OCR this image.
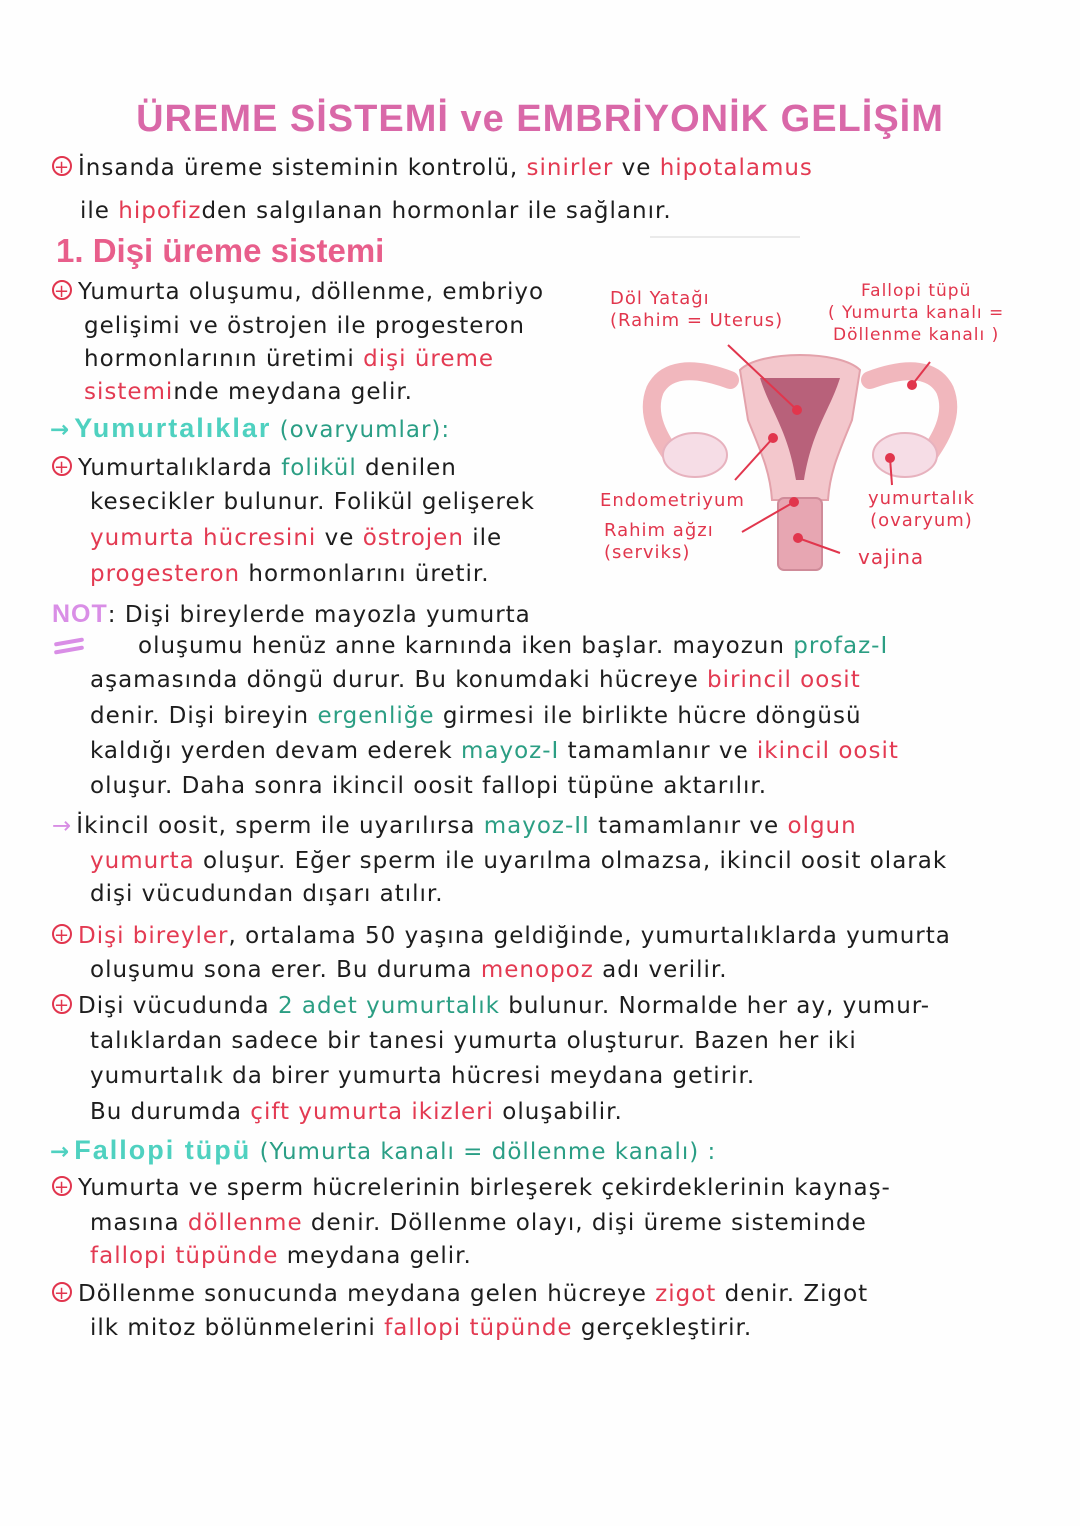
ÜREME SİSTEMİ ve EMBRİYONİK GELİŞİM
+ İnsanda üreme sisteminin kontrolü, sinirler ve hipotalamus
ile hipofizden salgılanan hormonlar ile sağlanır.
1. Dişi üreme sistemi
+ Yumurta oluşumu, döllenme, embriyo
gelişimi ve östrojen ile progesteron
hormonlarının üretimi dişi üreme
sisteminde meydana gelir.
→ Yumurtalıklar (ovaryumlar):
+ Yumurtalıklarda folikül denilen
kesecikler bulunur. Folikül gelişerek
yumurta hücresini ve östrojen ile
progesteron hormonlarını üretir.
Döl Yatağı
(Rahim = Uterus)
Fallopi tüpü
( Yumurta kanalı =
Döllenme kanalı )
Endometriyum
Rahim ağzı
(serviks)
yumurtalık
(ovaryum)
vajina
NOT: Dişi bireylerde mayozla yumurta
oluşumu henüz anne karnında iken başlar. mayozun profaz-I
aşamasında döngü durur. Bu konumdaki hücreye birincil oosit
denir. Dişi bireyin ergenliğe girmesi ile birlikte hücre döngüsü
kaldığı yerden devam ederek mayoz-I tamamlanır ve ikincil oosit
oluşur. Daha sonra ikincil oosit fallopi tüpüne aktarılır.
→ İkincil oosit, sperm ile uyarılırsa mayoz-II tamamlanır ve olgun
yumurta oluşur. Eğer sperm ile uyarılma olmazsa, ikincil oosit olarak
dişi vücudundan dışarı atılır.
+ Dişi bireyler, ortalama 50 yaşına geldiğinde, yumurtalıklarda yumurta
oluşumu sona erer. Bu duruma menopoz adı verilir.
+ Dişi vücudunda 2 adet yumurtalık bulunur. Normalde her ay, yumur-
talıklardan sadece bir tanesi yumurta oluşturur. Bazen her iki
yumurtalık da birer yumurta hücresi meydana getirir.
Bu durumda çift yumurta ikizleri oluşabilir.
→ Fallopi tüpü (Yumurta kanalı = döllenme kanalı) :
+ Yumurta ve sperm hücrelerinin birleşerek çekirdeklerinin kaynaş-
masına döllenme denir. Döllenme olayı, dişi üreme sisteminde
fallopi tüpünde meydana gelir.
+ Döllenme sonucunda meydana gelen hücreye zigot denir. Zigot
ilk mitoz bölünmelerini fallopi tüpünde gerçekleştirir.
